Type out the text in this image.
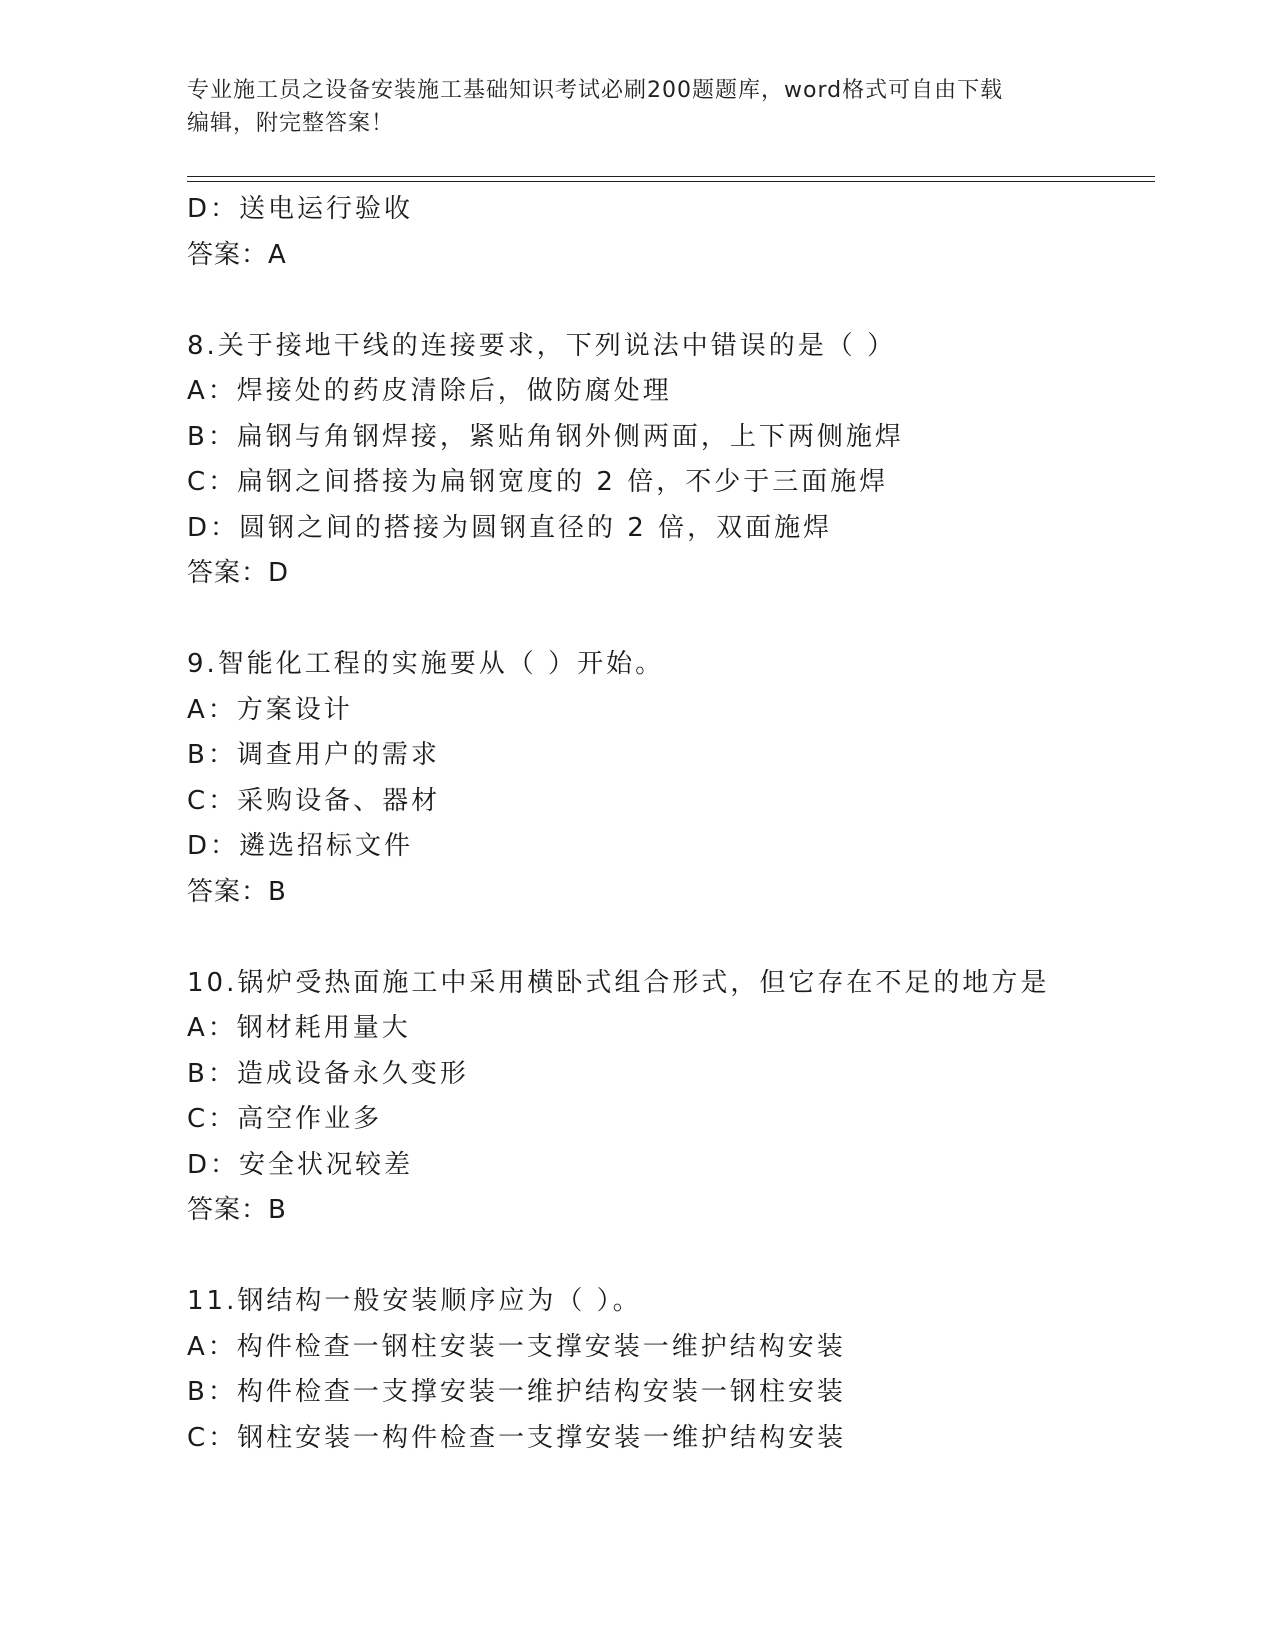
专业施工员之设备安装施工基础知识考试必刷200题题库，word格式可自由下载
编辑，附完整答案！
D：送电运行验收
答案：A
8.关于接地干线的连接要求，下列说法中错误的是（ ）
A：焊接处的药皮清除后，做防腐处理
B：扁钢与角钢焊接，紧贴角钢外侧两面，上下两侧施焊
C：扁钢之间搭接为扁钢宽度的 2 倍，不少于三面施焊
D：圆钢之间的搭接为圆钢直径的 2 倍，双面施焊
答案：D
9.智能化工程的实施要从（ ）开始。
A：方案设计
B：调查用户的需求
C：采购设备、器材
D：遴选招标文件
答案：B
10.锅炉受热面施工中采用横卧式组合形式，但它存在不足的地方是
A：钢材耗用量大
B：造成设备永久变形
C：高空作业多
D：安全状况较差
答案：B
11.钢结构一般安装顺序应为（ ）。
A：构件检查一钢柱安装一支撑安装一维护结构安装
B：构件检查一支撑安装一维护结构安装一钢柱安装
C：钢柱安装一构件检查一支撑安装一维护结构安装
